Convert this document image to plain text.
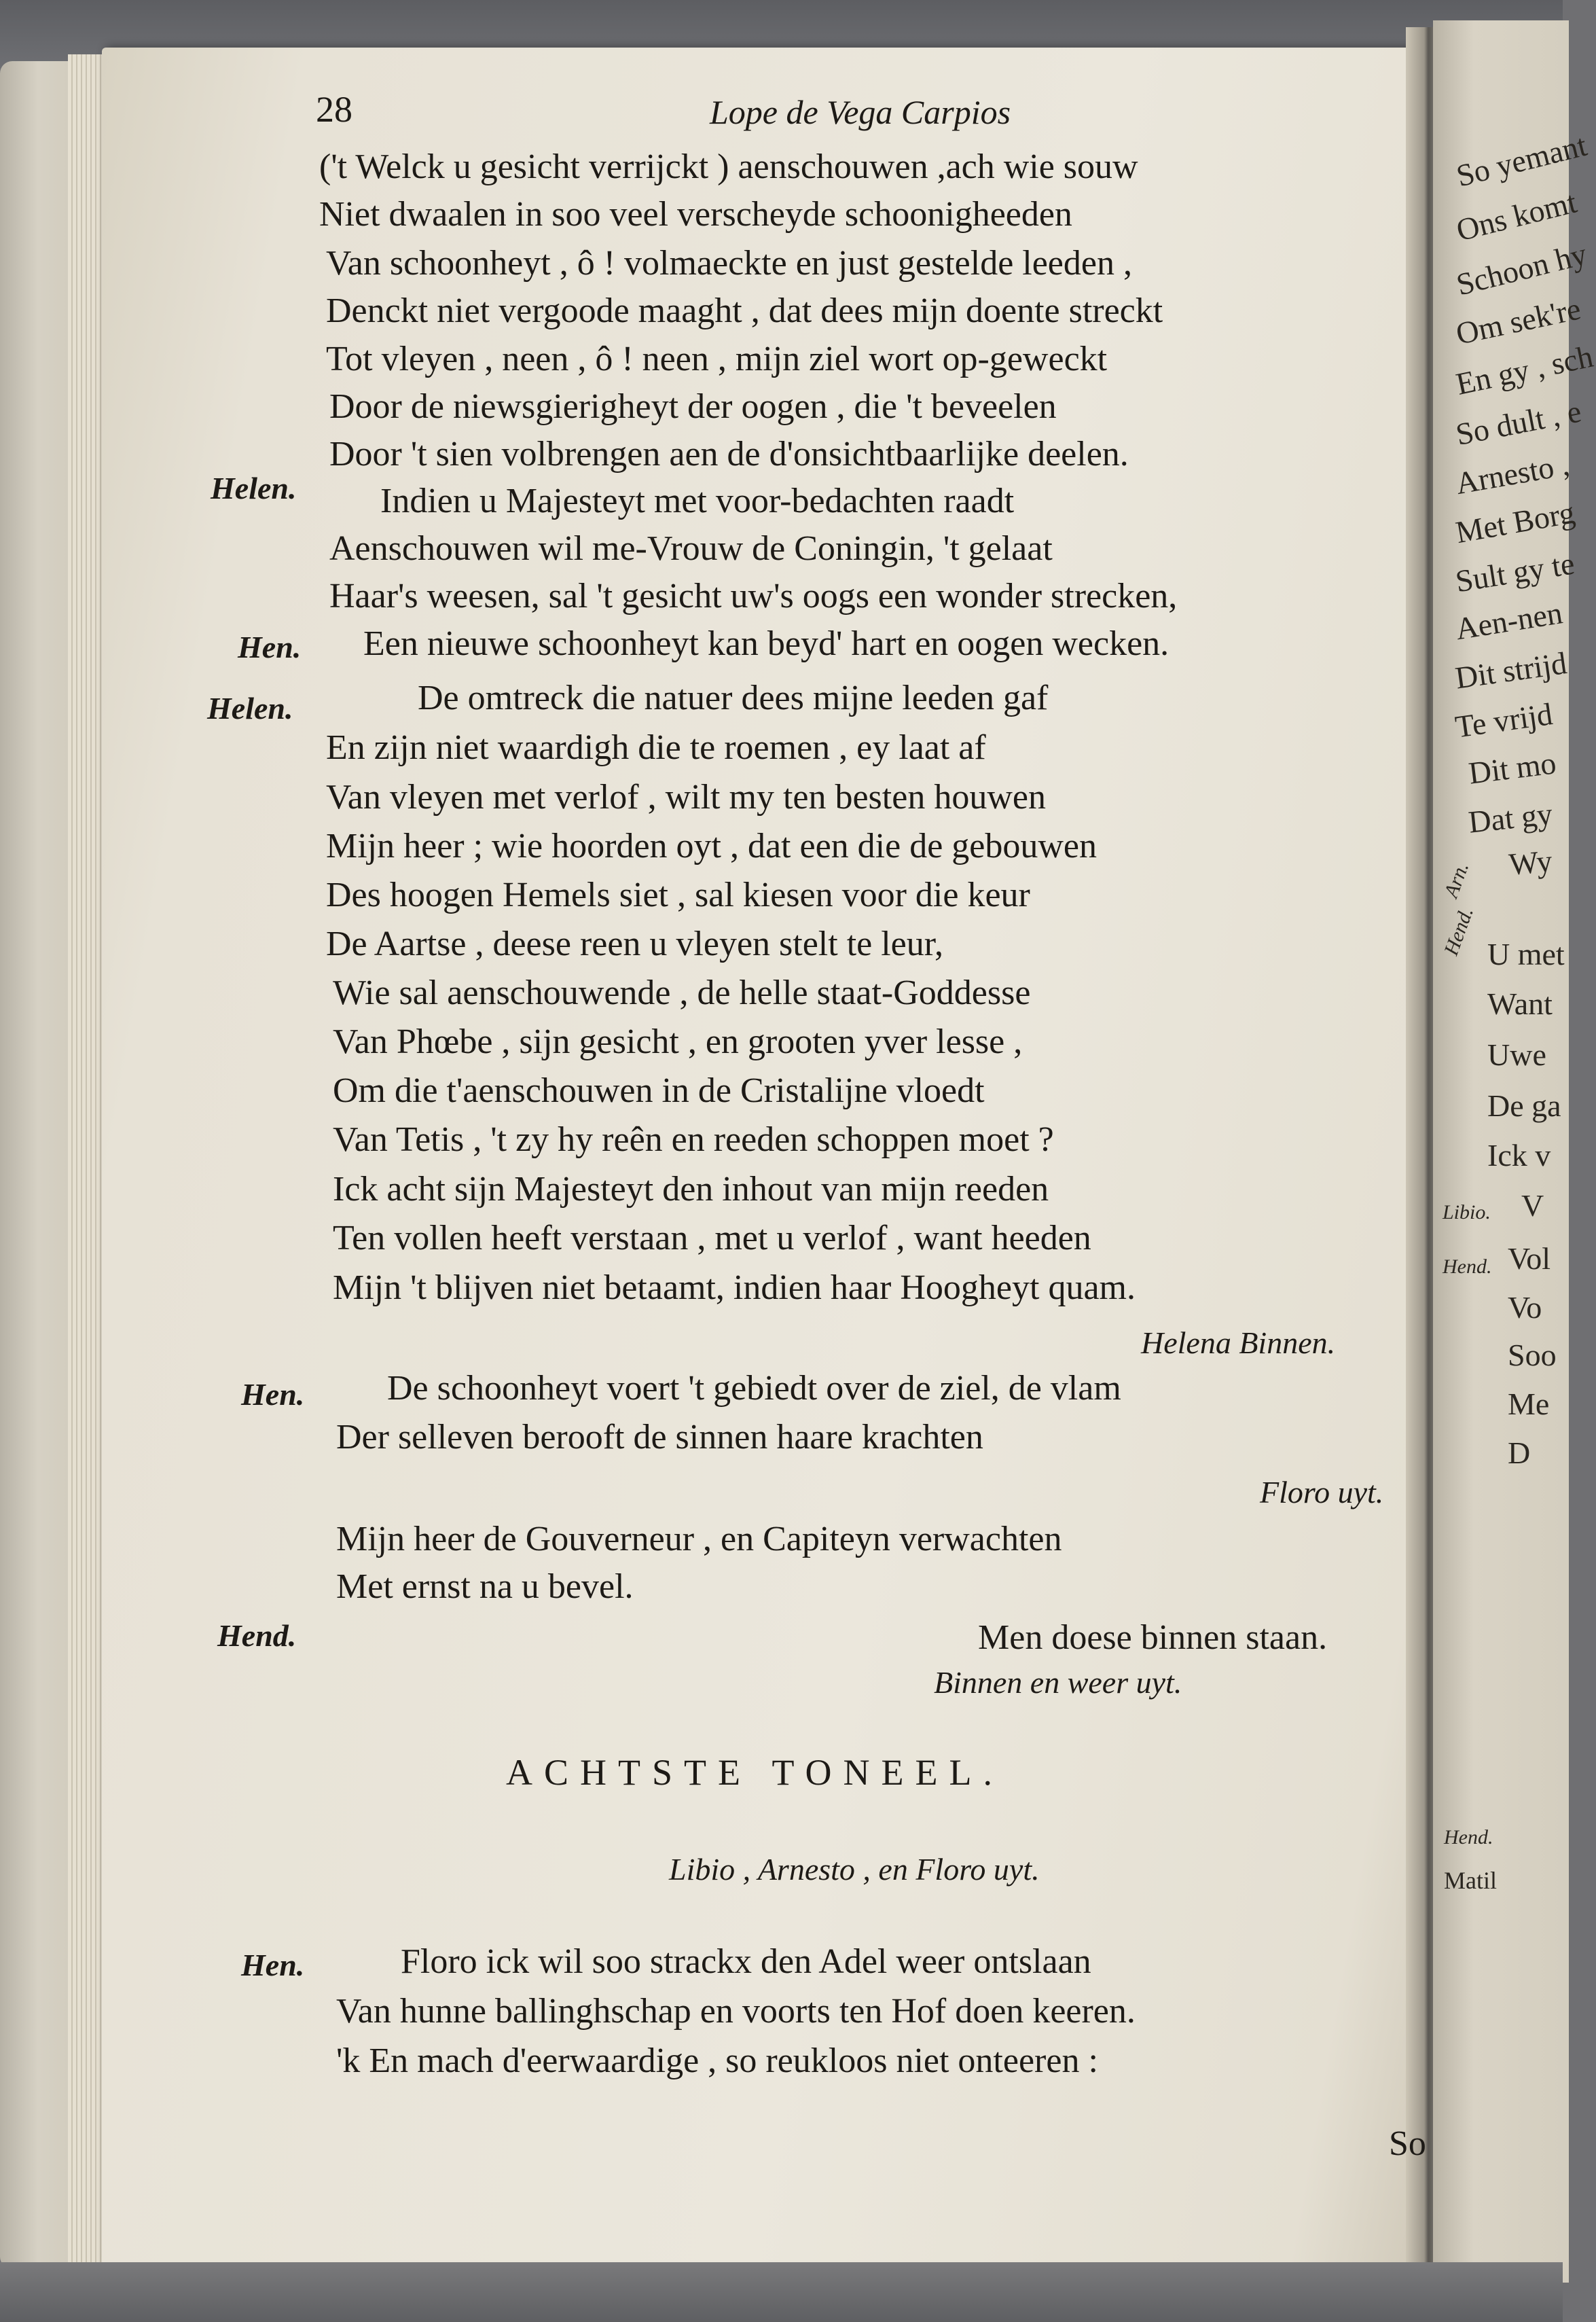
So yemant
Ons komt
Schoon hy
Om sek're
En gy , sch
So dult , e
Arnesto ,
Met Borg
Sult gy te
Aen-nen
Dit strijd
Te vrijd
Dit mo
Dat gy
Wy
Arn.
Hend. U met
Want
Uwe
De ga
Ick v
Libio. V
Hend. Vol
Vo
Soo
Me
D
Hend.
Matil
28	Lope de Vega Carpios
('t Welck u gesicht verrijckt ) aenschouwen ,ach wie souw
Niet dwaalen in soo veel verscheyde schoonigheeden
Van schoonheyt , ô ! volmaeckte en just gestelde leeden ,
Denckt niet vergoode maaght , dat dees mijn doente streckt
Tot vleyen , neen , ô ! neen , mijn ziel wort op-geweckt
Door de niewsgierigheyt der oogen , die 't beveelen
Door 't sien volbrengen aen de d'onsichtbaarlijke deelen.
Helen. Indien u Majesteyt met voor-bedachten raadt
Aenschouwen wil me-Vrouw de Coningin, 't gelaat
Haar's weesen, sal 't gesicht uw's oogs een wonder strecken,
Hen. Een nieuwe schoonheyt kan beyd' hart en oogen wecken.
Helen.	De omtreck die natuer dees mijne leeden gaf
En zijn niet waardigh die te roemen , ey laat af
Van vleyen met verlof , wilt my ten besten houwen
Mijn heer ; wie hoorden oyt , dat een die de gebouwen
Des hoogen Hemels siet , sal kiesen voor die keur
De Aartse , deese reen u vleyen stelt te leur,
Wie sal aenschouwende , de helle staat-Goddesse
Van Phœbe , sijn gesicht , en grooten yver lesse ,
Om die t'aenschouwen in de Cristalijne vloedt
Van Tetis , 't zy hy reên en reeden schoppen moet ?
Ick acht sijn Majesteyt den inhout van mijn reeden
Ten vollen heeft verstaan , met u verlof , want heeden
Mijn 't blijven niet betaamt, indien haar Hoogheyt quam.
Helena Binnen.
Hen. De schoonheyt voert 't gebiedt over de ziel, de vlam
Der selleven berooft de sinnen haare krachten
Floro uyt.
Mijn heer de Gouverneur , en Capiteyn verwachten
Met ernst na u bevel.
Hend.	Men doese binnen staan.
Binnen en weer uyt.
ACHTSTE TONEEL.
Libio , Arnesto , en Floro uyt.
Hen.	Floro ick wil soo strackx den Adel weer ontslaan
Van hunne ballinghschap en voorts ten Hof doen keeren.
'k En mach d'eerwaardige , so reukloos niet onteeren :
So
